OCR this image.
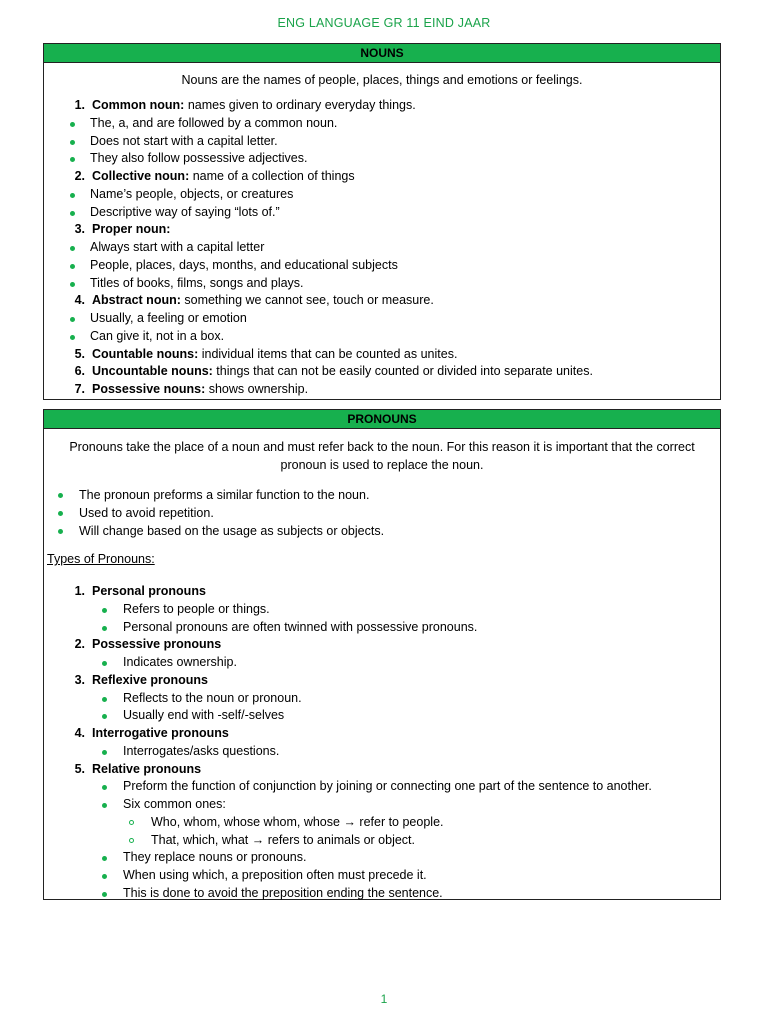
ENG LANGUAGE GR 11 EIND JAAR
NOUNS
Nouns are the names of people, places, things and emotions or feelings.
1. Common noun: names given to ordinary everyday things.
The, a, and are followed by a common noun.
Does not start with a capital letter.
They also follow possessive adjectives.
2. Collective noun: name of a collection of things
Name’s people, objects, or creatures
Descriptive way of saying “lots of.”
3. Proper noun:
Always start with a capital letter
People, places, days, months, and educational subjects
Titles of books, films, songs and plays.
4. Abstract noun: something we cannot see, touch or measure.
Usually, a feeling or emotion
Can give it, not in a box.
5. Countable nouns: individual items that can be counted as unites.
6. Uncountable nouns: things that can not be easily counted or divided into separate unites.
7. Possessive nouns: shows ownership.
PRONOUNS
Pronouns take the place of a noun and must refer back to the noun. For this reason it is important that the correct
pronoun is used to replace the noun.
The pronoun preforms a similar function to the noun.
Used to avoid repetition.
Will change based on the usage as subjects or objects.
Types of Pronouns:
1. Personal pronouns
Refers to people or things.
Personal pronouns are often twinned with possessive pronouns.
2. Possessive pronouns
Indicates ownership.
3. Reflexive pronouns
Reflects to the noun or pronoun.
Usually end with -self/-selves
4. Interrogative pronouns
Interrogates/asks questions.
5. Relative pronouns
Preform the function of conjunction by joining or connecting one part of the sentence to another.
Six common ones:
Who, whom, whose whom, whose → refer to people.
That, which, what → refers to animals or object.
They replace nouns or pronouns.
When using which, a preposition often must precede it.
This is done to avoid the preposition ending the sentence.
1
